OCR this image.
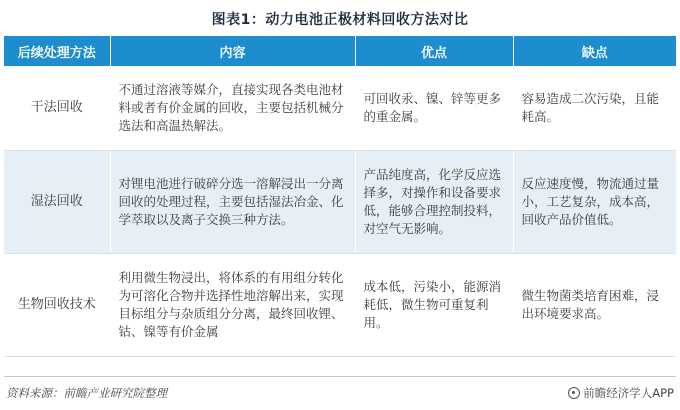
图表1：动力电池正极材料回收方法对比
后续处理方法	内容	优点	缺点
干法回收	不通过溶液等媒介，直接实现各类电池材料或者有价金属的回收，主要包括机械分选法和高温热解法。	可回收汞、镍、锌等更多的重金属。	容易造成二次污染，且能耗高。
湿法回收	对锂电池进行破碎分选一溶解浸出一分离回收的处理过程，主要包括湿法冶金、化学萃取以及离子交换三种方法。	产品纯度高，化学反应选择多，对操作和设备要求低，能够合理控制投料，对空气无影响。	反应速度慢，物流通过量小，工艺复杂，成本高，回收产品价值低。
生物回收技术	利用微生物浸出，将体系的有用组分转化为可溶化合物并选择性地溶解出来，实现目标组分与杂质组分分离，最终回收锂、钴、镍等有价金属	成本低，污染小，能源消耗低，微生物可重复利用。	微生物菌类培育困难，浸出环境要求高。
资料来源：前瞻产业研究院整理	前瞻经济学人APP
